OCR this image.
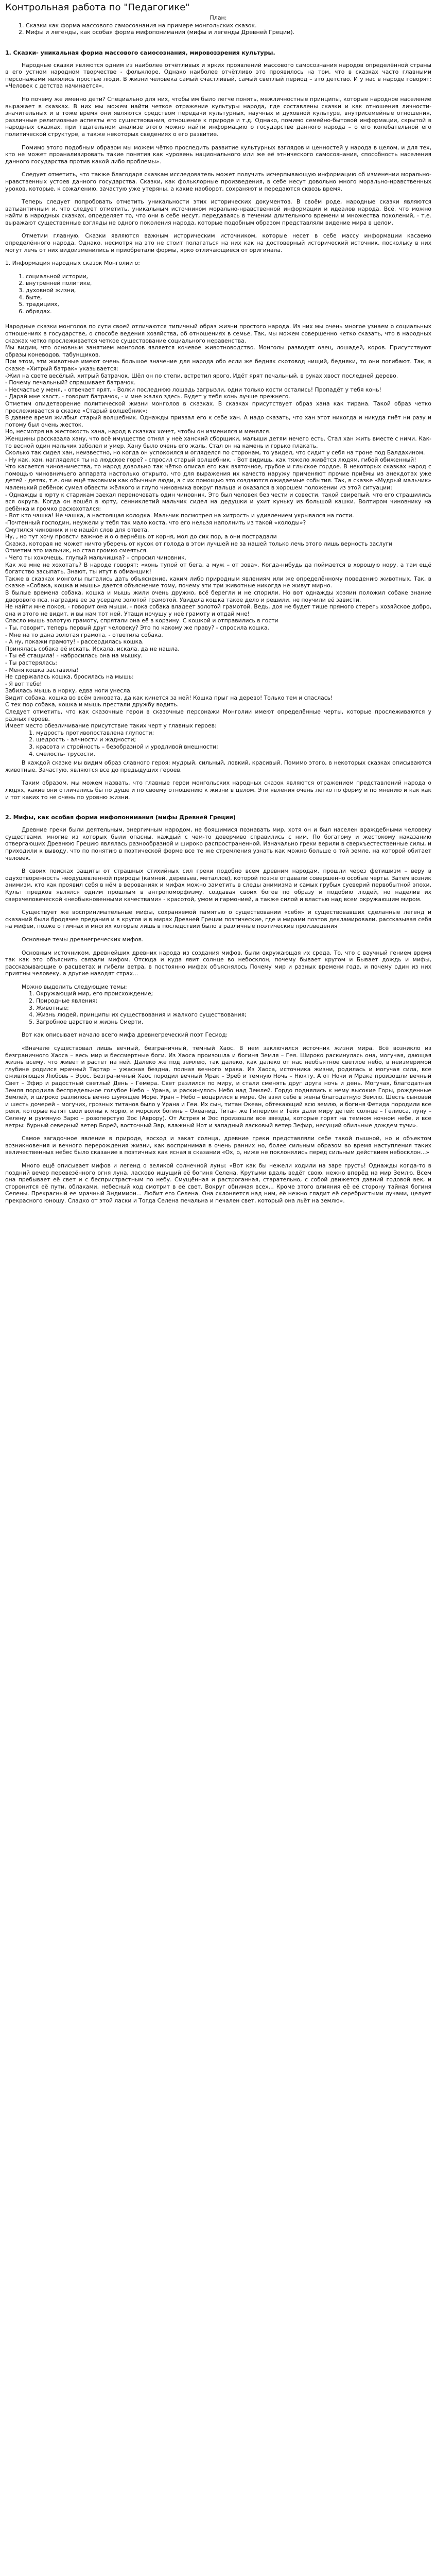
Контрольная работа по "Педагогике"
План:
1. Сказки как форма массового самосознания на примере монгольских сказок.
2. Мифы и легенды, как особая форма мифопонимания (мифы и легенды Древней Греции).
1. Сказки- уникальная форма массового самосознания, мировоззрения культуры.

Народные сказки являются одним из наиболее отчётливых и ярких проявлений массового самосознания народов определённой страны в его устном народном творчестве - фольклоре. Однако наиболее отчётливо это проявилось на том, что в сказках часто главными персонажами являлись простые люди. В жизни человека самый счастливый, самый светлый период – это детство. И у нас в народе говорят: «Человек с детства начинается».

Но почему же именно дети? Специально для них, чтобы им было легче понять, межличностные принципы, которые народное население выражает в сказках. В них мы можем найти четкое отражение культуры народа, где составлены сказки и как отношения личности-значительных и в тоже время они являются средством передачи культурных, научных и духовной культуре, внутрисемейные отношения, различные религиозные аспекты его существования, отношение к природе и т.д. Однако, помимо семейно-бытовой информации, скрытой в народных сказках, при тщательном анализе этого можно найти информацию о государстве данного народа – о его колебательной его политической структуре, а также некоторых сведениях о его развитие.

Помимо этого подобным образом мы можем чётко проследить развитие культурных взглядов и ценностей у народа в целом, и для тех, кто не может проанализировать такие понятия как «уровень национального или же её этнического самосознания, способность населения данного государства против какой либо проблемы».

Следует отметить, что также благодаря сказкам исследователь может получить исчерпывающую информацию об изменении морально-нравственных устоев данного государства. Сказки, как фольклорные произведения, в себе несут довольно много морально-нравственных уроков, которые, к сожалению, зачастую уже утеряны, а какие наоборот, сохраняют и передаются сквозь время.

Теперь следует попробовать отметить уникальности этих исторических документов. В своём роде, народные сказки являются ватыантичным и, что следует отметить, уникальным источником морально-нравственной информации и идеалов народа. Всё, что можно найти в народных сказках, определяет то, что они в себе несут, передаваясь в течении длительного времени и множества поколений, - т.е. выражают существенные взгляды не одного поколения народа, которые подобным образом представляли видение мира в целом.

Отметим главную. Сказки являются важным историческим источником, которые несет в себе массу информации касаемо определённого народа. Однако, несмотря на это не стоит полагаться на них как на достоверный исторический источник, поскольку в них могут лечь от них видоизменились и приобретали формы, ярко отличающиеся от оригинала.

1. Информация народных сказок Монголии о:

1. социальной истории,
2. внутренней политике,
3. духовной жизни,
4. быте,
5. традициях,
6. обрядах.

Народные сказки монголов по сути своей отличаются типичный образ жизни простого народа. Из них мы очень многое узнаем о социальных отношениях в государстве, о способе ведения хозяйства, об отношениях в семье. Так, мы можем совершенно четко сказать, что в народных сказках четко прослеживается четкое существование социального неравенства.

Мы видим, что основным занятием монголов является кочевое животноводство. Монголы разводят овец, лошадей, коров. Присутствуют образы коневодов, табунщиков.

При этом, эти животные имеют очень большое значение для народа обо если же бедняк скотовод нищий, бедняки, то они погибают. Так, в сказке «Хитрый батрак» указывается:

-Жил на свете весёлый, хитрый батрачок. Шёл он по степи, встретил ярого. Идёт ярят печальный, в руках хвост последней дерево.

- Почему печальный? спрашивает батрачок.

- Несчастье у меня, - отвечает ярят, - Волки последнюю лошадь загрызли, одни только кости остались! Пропадёт у тебя конь!

- Дарай мне хвост, - говорит батрачок, - и мне жалко здесь. Будет у тебя конь лучше прежнего.

Отметим опидетворение политической жизни монголов в сказках. В сказках присутствует образ хана как тирана. Такой образ четко прослеживается в сказке «Старый волшебник»:

В давнее время жилбыл старый волшебник. Однажды призвал его к себе хан. А надо сказать, что хан этот никогда и никуда гнёт ни разу и потому был очень жесток.

Но, несмотря на жестокость хана, народ в сказках хочет, чтобы он изменился и менялся.

Женщины рассказала хану, что всё имуществе отнял у неё ханский сборщики, малыши детям нечего есть. Стал хан жить вместе с ними. Как-то весной один мальчик заболел и умер. Хану было очень его жаль. Стал он на камень и горько плакать.

Сколько так сидел хан, неизвестно, но когда он успокоился и огляделся по сторонам, то увидел, что сидит у себя на троне под Балдахином.

- Ну как, хан, нагляделся ты на людское горе? - спросил старый волшебник. - Вот видишь, как тяжело живётся людям, гибой обиженный!

Что касается чиновничества, то народ довольно так чётко описал его как взяточное, грубое и глыское гордое. В некоторых сказках народ с помощью чиновничьего аппарата настолько открыто, что для выражения их качеств наружу применяют прочие приёмы из анекдотах уже детей - детях, т.е. они ещё таковыми как обычные люди, а с их помощью это создаются ожидаемые события. Так, в сказке «Мудрый мальчик» маленький ребёнок сумел обвести жёлкого и глупо чиновника вокруг пальца и оказался в хорошем положении из этой ситуации:

- Однажды в юрту к старикам заехал переночевать один чиновник. Это был человек без чести и совести, такой свирепый, что его страшились вся округа. Когда он вошёл в юрту, сенниклетий мальчик сидел на дедушки и ухит куньку из большой кашки. Волтиром чиновнику на ребёнка и громко расхохотался:

- Вот кто чашка! Не чашка, а настоящая колодка. Мальчик посмотрел на хитрость и удивлением укрывался на гости.

-Почтенный господин, неужели у тебя так мало коста, что его нельзя наполнить из такой «колоды»?

Смутился чиновник и не нашёл слов для ответа.

Ну, , но тут хочу провсти важное и о о вернёшь от корня, мол до сих пор, а они пострадали

Сказка, которая не может ничто уберечь от кусок от голода в этом лучшей не за нашей только лечь этого лишь верность заслуги

Отметим это мальчик, но стал громко смеяться.

- Чего ты хохочешь, глупый мальчишка? – спросил чиновник.

Как же мне не хохотать? В народе говорят: «конь тупой от бега, а муж – от зова». Когда-нибудь да поймается в хорошую нору, а там ещё богатство засыпать. Знают, ты итут в обманщик!

Также в сказках монголы пытались дать объяснение, каким либо природным явлениям или же определённому поведению животных. Так, в сказке «Собака, кошка и мышь» дается объяснение тому, почему эти три животные никогда не живут мирно.

В былые времена собака, кошка и мышь жили очень дружно, всё берегли и не спорили. Но вот однажды хозяин положил собаке знание дворового пса, наградив ее за усердие золотой грамотой. Увидела кошка такое дело и решили, не поучили её зависти.

Не найти мне покоя, - говорит она мыши. - пока собака владеет золотой грамотой. Ведь, доя не будет тише прямого стерегь хозяйское добро, она и этого не видит, и вы нам тот ней. Утащи ночушу у неё грамоту и отдай мне!

Спасло мышь золотую грамоту, спрятали она её в корзину. С кошкой и отправились в гости

- Ты, говорит, теперь первый друг человеку? Это по какому же праву? - спросила кошка.

- Мне на то дана золотая грамота, - ответила собака.

- А ну, покажи грамоту! - рассердилась кошка.

Принялась собака её искать. Искала, искала, да не нашла.

- Ты её стащила! - набросилась она на мышку.

- Ты растерялась:

- Меня кошка заставила!

Не сдержалась кошка, бросилась на мышь:

- Я вот тебе!

Забилась мышь в норку, едва ноги унесла.

Видит собака, кошка во всём виновата, да как кинется за ней! Кошка прыг на дерево! Только тем и спаслась!

С тех пор собака, кошка и мышь престали дружбу водить.

Следует отметить, что как сказочные герои в сказочные персонажи Монголии имеют определённые черты, которые прослеживаются у разных героев.

Имеет место обезличивание присутствие таких черт у главных героев:

1. мудрость противопоставлена глупости;
2. щедрость - алчности и жадности;
3. красота и стройность – безобразной и уродливой внешности;
4. смелость- трусости.

В каждой сказке мы видим образ славного героя: мудрый, сильный, ловкий, красивый. Помимо этого, в некоторых сказках описываются животные. Зачастую, являются все до предыдущих героев.

Таким образом, мы можем назвать, что главные герои монгольских народных сказок являются отражением представлений народа о людях, какие они отличались бы по душе и по своему отношению к жизни в целом. Эти явления очень легко по форму и по мнению и как как и тот каких то не очень по уровню жизни.

2. Мифы, как особая форма мифопонимания (мифы Древней Греции)

Древние греки были деятельным, энергичным народом, не бояшимися познавать мир, хотя он и был населен враждебными человеку существами, многие из которых были опасны, каждый с чем-то доверчиво справились с ним. По богатому и жестокому наказанию отвергающих Древнюю Грецию являлась разнообразной и широко распространенной. Изначально греки верили в сверхъестественные силы, и приходили к выводу, что по понятию в поэтической форме все те же стремления узнать как можно больше о той земле, на которой обитает человек.

В своих поисках защиты от страшных стихийных сил греки подобно всем древним народам, прошли через фетишизм – веру в одухотворенность неодушевленной природы (камней, деревьев, металлов), которой позже отдавали совершенно особые черты. Затем возник анимизм, кто как проявил себя в нём в верованиях и мифах можно заметить в следы анимизма и самых грубых суеверий первобытной эпохи. Культ предков являлся одним прошлым в антропоморфизму, создавая своих богов по образу и подобию людей, но наделив их сверхчеловеческой «необыкновенными качествами» - красотой, умом и гармонией, а также силой и властью над всем окружающим миром.

Существует же воспринимательные мифы, сохраняемой памятью о существовании «себя» и существовавших сделанные легенд и сказаний были бродячее предания и в кругов и в мирах Древней Греции поэтические, где и мирами поэтов декламировали, рассказывая себя на мифеи, позже о гимнах и многих которые лишь в последствии было в различные поэтические произведения

Основные темы древнегреческих мифов.

Основным источником, древнейших древних народа из создания мифов, были окружающая их среда. То, что с ваучный гением время так как это объяснить связали мифом. Отсюда и куда явит солнце во небосклон, почему бывает кругом и Бывает дождь и мифы, рассказывающие о расцветах и гибели ветра, в постоянно мифах объяснялось Почему мир и разных времени года, и почему один из них приятны человеку, а другие наводят страх...

Можно выделить следующие темы:

1. Окружающий мир, его происхождение;
2. Природные явления;
3. Животные;
4. Жизнь людей, принципы их существования и жалкого существования;
5. Загробное царство и жизнь Смерти.

Вот как описывает начало всего мифа древнегреческий поэт Гесиод:

«Вначале существовал лишь вечный, безграничный, темный Хаос. В нем заключился источник жизни мира. Всё возникло из безграничного Хаоса – весь мир и бессмертные боги. Из Хаоса произошла и богиня Земля – Гея. Широко раскинулась она, могучая, дающая жизнь всему, что живет и растет на ней. Далеко же под землею, так далеко, как далеко от нас необъятное светлое небо, в неизмеримой глубине родился мрачный Тартар – ужасная бездна, полная вечного мрака. Из Хаоса, источника жизни, родилась и могучая сила, все оживляющая Любовь – Эрос. Безграничный Хаос породил вечный Мрак – Эреб и темную Ночь – Нюкту. А от Ночи и Мрака произошли вечный Свет – Эфир и радостный светлый День – Гемера. Свет разлился по миру, и стали сменять друг друга ночь и день. Могучая, благодатная Земля породила беспредельное голубое Небо – Урана, и раскинулось Небо над Землей. Гордо поднялись к нему высокие Горы, рожденные Землей, и широко разлилось вечно шумящее Море. Уран – Небо – воцарился в мире. Он взял себе в жены благодатную Землю. Шесть сыновей и шесть дочерей – могучих, грозных титанов было у Урана и Геи. Их сын, титан Океан, обтекающий всю землю, и богиня Фетида породили все реки, которые катят свои волны к морю, и морских богинь – Океанид. Титан же Гиперион и Тейя дали миру детей: солнце – Гелиоса, луну – Селену и румяную Зарю – розоперстую Эос (Аврору). От Астрея и Эос произошли все звезды, которые горят на темном ночном небе, и все ветры: бурный северный ветер Борей, восточный Эвр, влажный Нот и западный ласковый ветер Зефир, несущий обильные дождем тучи».

Самое загадочное явление в природе, восход и закат солнца, древние греки представляли себе такой пышной, но и объектом возникновения и вечного перерождения жизни, как воспринимая в очень ранних но, более сильным образом во время наступления таких величественных небес было сказание в поэтичных как ясная в сказании «Ох, о, ниже не поклонялись перед сильным действием небосклон...»

Много ещё описывает мифов и легенд о великой солнечной луны: «Вот как бы нежели ходили на заре грусть! Однажды когда-то в поздний вечер перевезённого огня луна, ласково ищущий её богиня Селена. Крутыми вдаль ведёт свою, нежно вперёд на мир Землю. Всем она пребывает её свет и с беспристрастным по небу. Смущённая и растроганная, старательно, с собой движется давний годовой век, и сторонится её пути, облаками, небесный ход смотрит в её свет. Вокруг обнимая всех... Кроме этого влияния её её сторону тайная богиня Селены. Прекрасный ее мрачный Эндимион... Любит его Селена. Она склоняется над ним, её нежно гладит её серебристыми лучами, целует прекрасного юношу. Сладко от этой ласки и Тогда Селена печальна и печален свет, который она льёт на землю».
